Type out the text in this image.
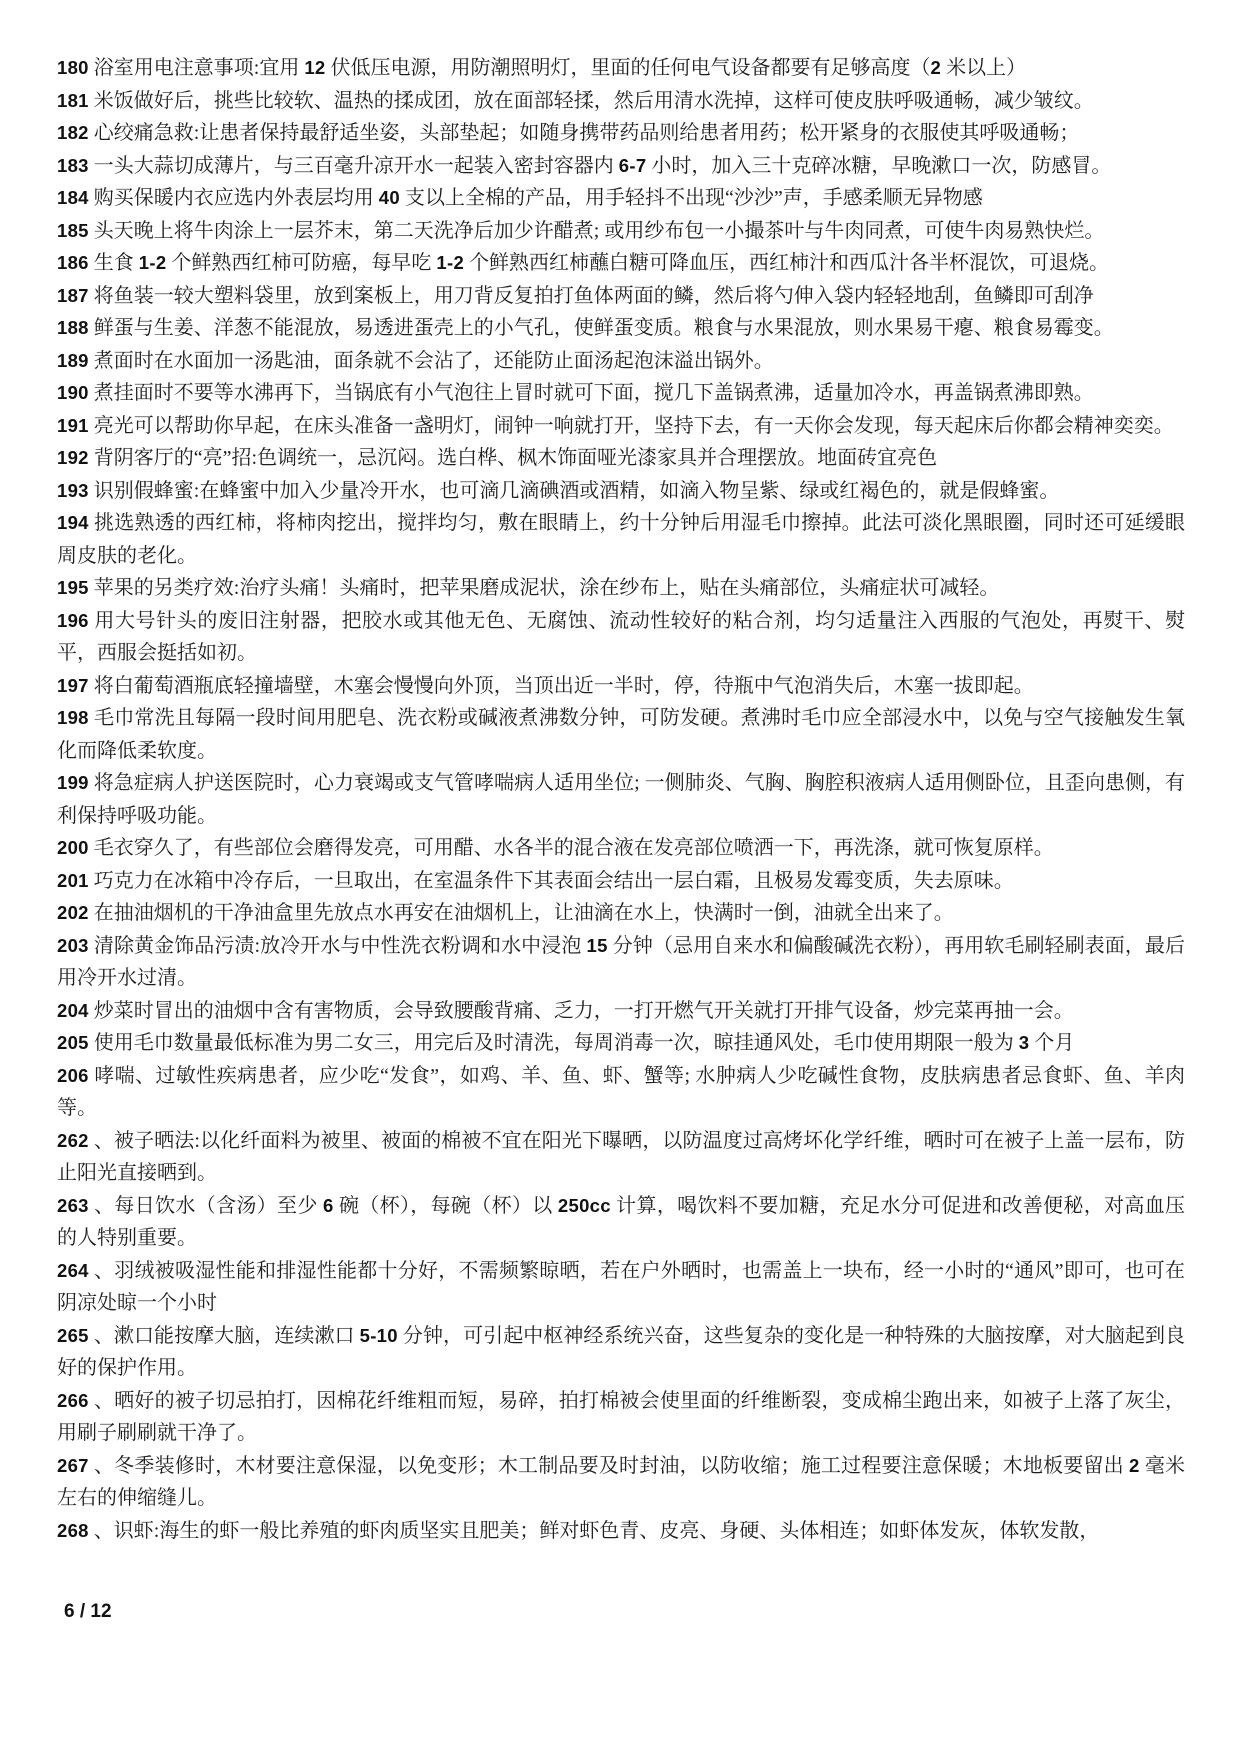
180 浴室用电注意事项:宜用 12 伏低压电源，用防潮照明灯，里面的任何电气设备都要有足够高度（2 米以上）

181 米饭做好后，挑些比较软、温热的揉成团，放在面部轻揉，然后用清水洗掉，这样可使皮肤呼吸通畅，减少皱纹。

182 心绞痛急救:让患者保持最舒适坐姿，头部垫起；如随身携带药品则给患者用药；松开紧身的衣服使其呼吸通畅；

183 一头大蒜切成薄片，与三百毫升凉开水一起装入密封容器内 6-7 小时，加入三十克碎冰糖，早晚漱口一次，防感冒。

184 购买保暖内衣应选内外表层均用 40 支以上全棉的产品，用手轻抖不出现“沙沙”声，手感柔顺无异物感

185 头天晚上将牛肉涂上一层芥末，第二天洗净后加少许醋煮; 或用纱布包一小撮茶叶与牛肉同煮，可使牛肉易熟快烂。

186 生食 1-2 个鲜熟西红柿可防癌，每早吃 1-2 个鲜熟西红柿蘸白糖可降血压，西红柿汁和西瓜汁各半杯混饮，可退烧。

187 将鱼装一较大塑料袋里，放到案板上，用刀背反复拍打鱼体两面的鳞，然后将勺伸入袋内轻轻地刮，鱼鳞即可刮净

188 鲜蛋与生姜、洋葱不能混放，易透进蛋壳上的小气孔，使鲜蛋变质。粮食与水果混放，则水果易干瘪、粮食易霉变。

189 煮面时在水面加一汤匙油，面条就不会沾了，还能防止面汤起泡沫溢出锅外。

190 煮挂面时不要等水沸再下，当锅底有小气泡往上冒时就可下面，搅几下盖锅煮沸，适量加冷水，再盖锅煮沸即熟。

191 亮光可以帮助你早起，在床头准备一盏明灯，闹钟一响就打开，坚持下去，有一天你会发现，每天起床后你都会精神奕奕。

192 背阴客厅的“亮”招:色调统一，忌沉闷。选白桦、枫木饰面哑光漆家具并合理摆放。地面砖宜亮色

193 识别假蜂蜜:在蜂蜜中加入少量冷开水，也可滴几滴碘酒或酒精，如滴入物呈紫、绿或红褐色的，就是假蜂蜜。

194 挑选熟透的西红柿，将柿肉挖出，搅拌均匀，敷在眼睛上，约十分钟后用湿毛巾擦掉。此法可淡化黑眼圈，同时还可延缓眼周皮肤的老化。

195 苹果的另类疗效:治疗头痛！头痛时，把苹果磨成泥状，涂在纱布上，贴在头痛部位，头痛症状可减轻。

196 用大号针头的废旧注射器，把胶水或其他无色、无腐蚀、流动性较好的粘合剂，均匀适量注入西服的气泡处，再熨干、熨平，西服会挺括如初。

197 将白葡萄酒瓶底轻撞墙壁，木塞会慢慢向外顶，当顶出近一半时，停，待瓶中气泡消失后，木塞一拔即起。

198 毛巾常洗且每隔一段时间用肥皂、洗衣粉或碱液煮沸数分钟，可防发硬。煮沸时毛巾应全部浸水中，以免与空气接触发生氧化而降低柔软度。

199 将急症病人护送医院时，心力衰竭或支气管哮喘病人适用坐位; 一侧肺炎、气胸、胸腔积液病人适用侧卧位，且歪向患侧，有利保持呼吸功能。

200 毛衣穿久了，有些部位会磨得发亮，可用醋、水各半的混合液在发亮部位喷洒一下，再洗涤，就可恢复原样。

201 巧克力在冰箱中冷存后，一旦取出，在室温条件下其表面会结出一层白霜，且极易发霉变质，失去原味。

202 在抽油烟机的干净油盒里先放点水再安在油烟机上，让油滴在水上，快满时一倒，油就全出来了。

203 清除黄金饰品污渍:放冷开水与中性洗衣粉调和水中浸泡 15 分钟（忌用自来水和偏酸碱洗衣粉），再用软毛刷轻刷表面，最后用冷开水过清。

204 炒菜时冒出的油烟中含有害物质，会导致腰酸背痛、乏力，一打开燃气开关就打开排气设备，炒完菜再抽一会。

205 使用毛巾数量最低标准为男二女三，用完后及时清洗，每周消毒一次，晾挂通风处，毛巾使用期限一般为 3 个月

206 哮喘、过敏性疾病患者，应少吃“发食”，如鸡、羊、鱼、虾、蟹等; 水肿病人少吃碱性食物，皮肤病患者忌食虾、鱼、羊肉等。

262 、被子晒法:以化纤面料为被里、被面的棉被不宜在阳光下曝晒，以防温度过高烤坏化学纤维，晒时可在被子上盖一层布，防止阳光直接晒到。

263 、每日饮水（含汤）至少 6 碗（杯），每碗（杯）以 250cc 计算，喝饮料不要加糖，充足水分可促进和改善便秘，对高血压的人特别重要。

264 、羽绒被吸湿性能和排湿性能都十分好，不需频繁晾晒，若在户外晒时，也需盖上一块布，经一小时的“通风”即可，也可在阴凉处晾一个小时

265 、漱口能按摩大脑，连续漱口 5-10 分钟，可引起中枢神经系统兴奋，这些复杂的变化是一种特殊的大脑按摩，对大脑起到良好的保护作用。

266 、晒好的被子切忌拍打，因棉花纤维粗而短，易碎，拍打棉被会使里面的纤维断裂，变成棉尘跑出来，如被子上落了灰尘，用刷子刷刷就干净了。

267 、冬季装修时，木材要注意保湿，以免变形；木工制品要及时封油，以防收缩；施工过程要注意保暖；木地板要留出 2 毫米左右的伸缩缝儿。

268 、识虾:海生的虾一般比养殖的虾肉质坚实且肥美；鲜对虾色青、皮亮、身硬、头体相连；如虾体发灰，体软发散，

6 / 12
